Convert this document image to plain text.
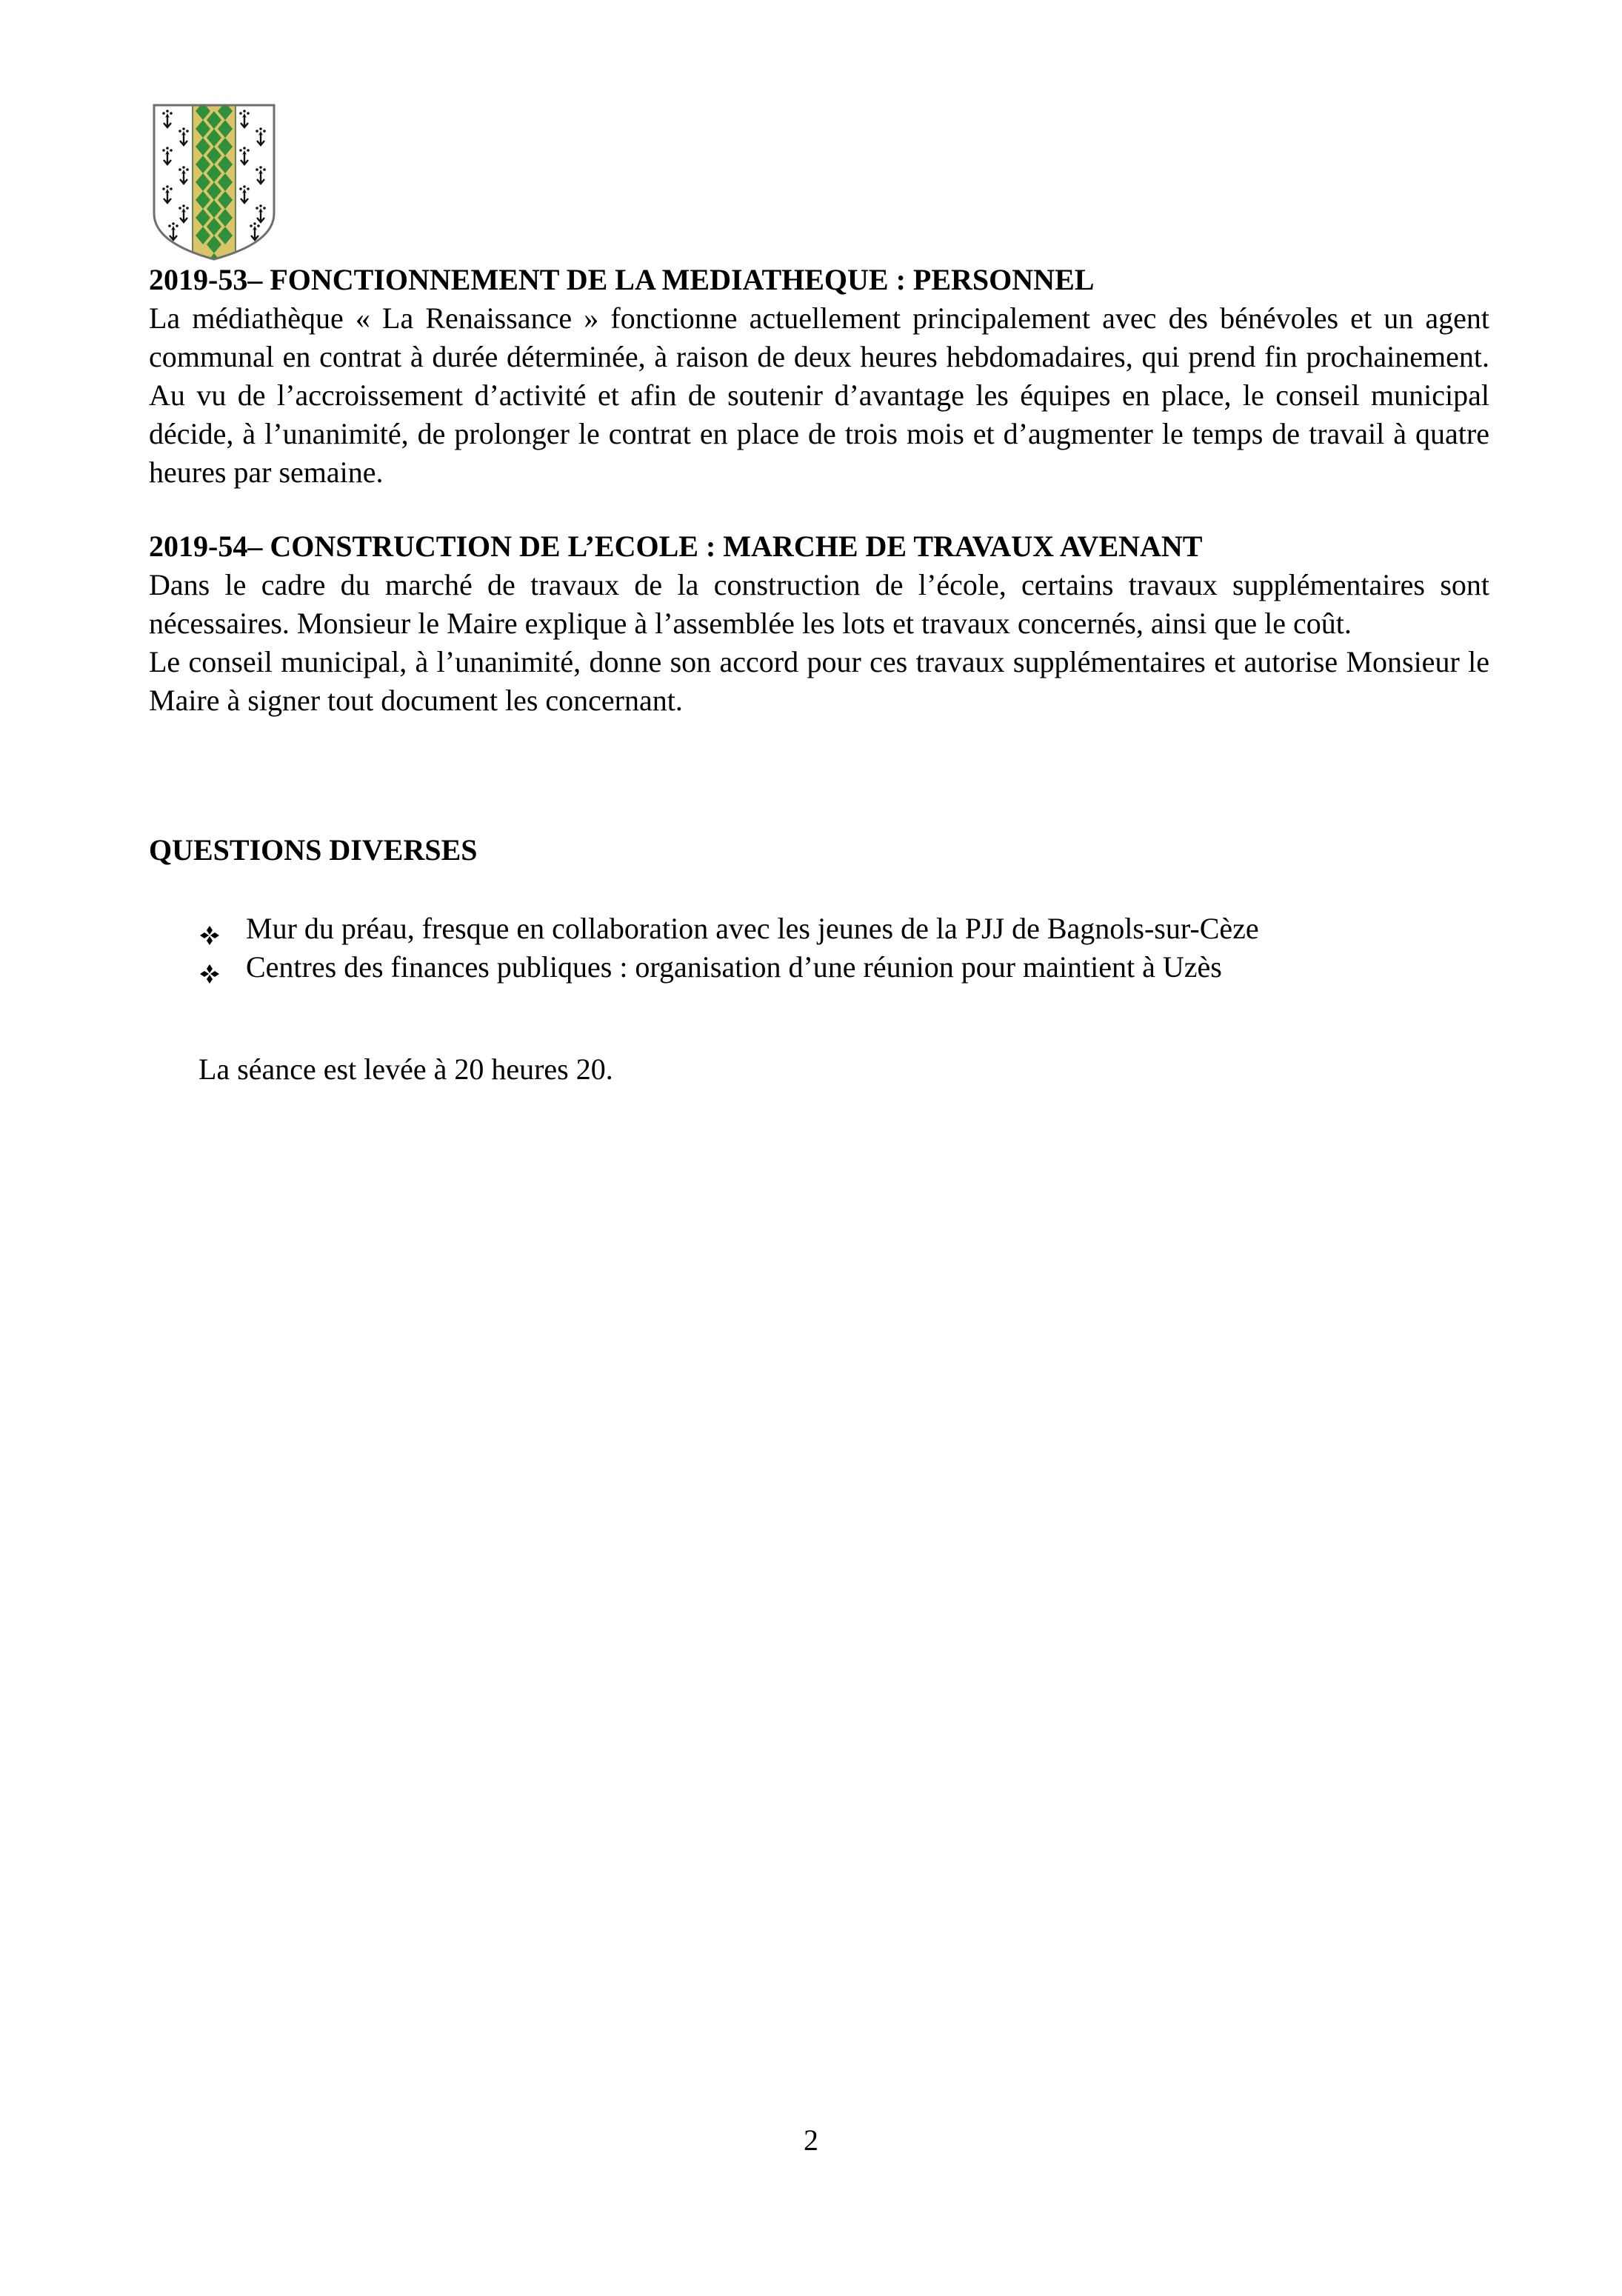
2019-53– FONCTIONNEMENT DE LA MEDIATHEQUE : PERSONNEL

La médiathèque « La Renaissance » fonctionne actuellement principalement avec des bénévoles et un agent communal en contrat à durée déterminée, à raison de deux heures hebdomadaires, qui prend fin prochainement. Au vu de l’accroissement d’activité et afin de soutenir d’avantage les équipes en place, le conseil municipal décide, à l’unanimité, de prolonger le contrat en place de trois mois et d’augmenter le temps de travail à quatre heures par semaine.

2019-54– CONSTRUCTION DE L’ECOLE : MARCHE DE TRAVAUX AVENANT

Dans le cadre du marché de travaux de la construction de l’école, certains travaux supplémentaires sont nécessaires. Monsieur le Maire explique à l’assemblée les lots et travaux concernés, ainsi que le coût.

Le conseil municipal, à l’unanimité, donne son accord pour ces travaux supplémentaires et autorise Monsieur le Maire à signer tout document les concernant.

QUESTIONS DIVERSES
Mur du préau, fresque en collaboration avec les jeunes de la PJJ de Bagnols-sur-Cèze
Centres des finances publiques : organisation d’une réunion pour maintient à Uzès
La séance est levée à 20 heures 20.
2
